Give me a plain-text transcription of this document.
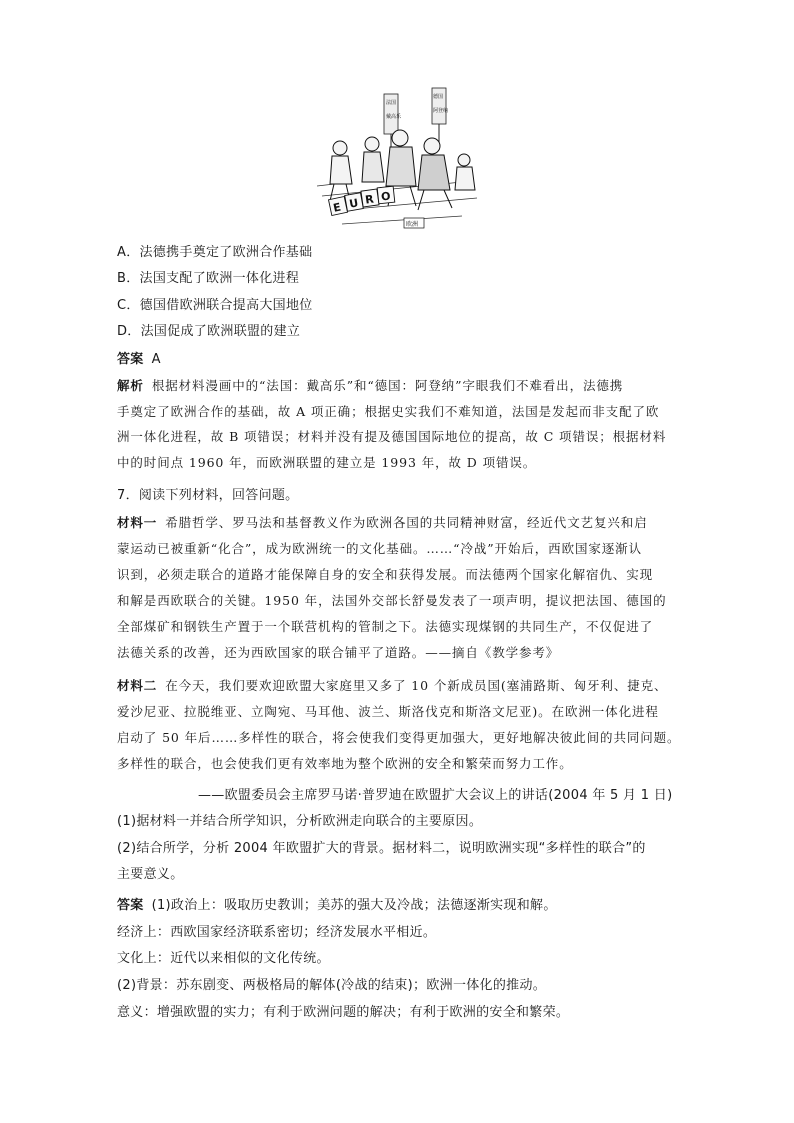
法国
戴高乐
德国
阿登纳
E U R O
欧洲
A．法德携手奠定了欧洲合作基础
B．法国支配了欧洲一体化进程
C．德国借欧洲联合提高大国地位
D．法国促成了欧洲联盟的建立
答案 A
解析 根据材料漫画中的“法国：戴高乐”和“德国：阿登纳”字眼我们不难看出，法德携
手奠定了欧洲合作的基础，故 A 项正确；根据史实我们不难知道，法国是发起而非支配了欧
洲一体化进程，故 B 项错误；材料并没有提及德国国际地位的提高，故 C 项错误；根据材料
中的时间点 1960 年，而欧洲联盟的建立是 1993 年，故 D 项错误。
7．阅读下列材料，回答问题。
材料一 希腊哲学、罗马法和基督教义作为欧洲各国的共同精神财富，经近代文艺复兴和启
蒙运动已被重新“化合”，成为欧洲统一的文化基础。……“冷战”开始后，西欧国家逐渐认
识到，必须走联合的道路才能保障自身的安全和获得发展。而法德两个国家化解宿仇、实现
和解是西欧联合的关键。1950 年，法国外交部长舒曼发表了一项声明，提议把法国、德国的
全部煤矿和钢铁生产置于一个联营机构的管制之下。法德实现煤钢的共同生产，不仅促进了
法德关系的改善，还为西欧国家的联合铺平了道路。——摘自《教学参考》
材料二 在今天，我们要欢迎欧盟大家庭里又多了 10 个新成员国(塞浦路斯、匈牙利、捷克、
爱沙尼亚、拉脱维亚、立陶宛、马耳他、波兰、斯洛伐克和斯洛文尼亚)。在欧洲一体化进程
启动了 50 年后……多样性的联合，将会使我们变得更加强大，更好地解决彼此间的共同问题。
多样性的联合，也会使我们更有效率地为整个欧洲的安全和繁荣而努力工作。
——欧盟委员会主席罗马诺·普罗迪在欧盟扩大会议上的讲话(2004 年 5 月 1 日)
(1)据材料一并结合所学知识，分析欧洲走向联合的主要原因。
(2)结合所学，分析 2004 年欧盟扩大的背景。据材料二，说明欧洲实现“多样性的联合”的
主要意义。
答案 (1)政治上：吸取历史教训；美苏的强大及冷战；法德逐渐实现和解。
经济上：西欧国家经济联系密切；经济发展水平相近。
文化上：近代以来相似的文化传统。
(2)背景：苏东剧变、两极格局的解体(冷战的结束)；欧洲一体化的推动。
意义：增强欧盟的实力；有利于欧洲问题的解决；有利于欧洲的安全和繁荣。
